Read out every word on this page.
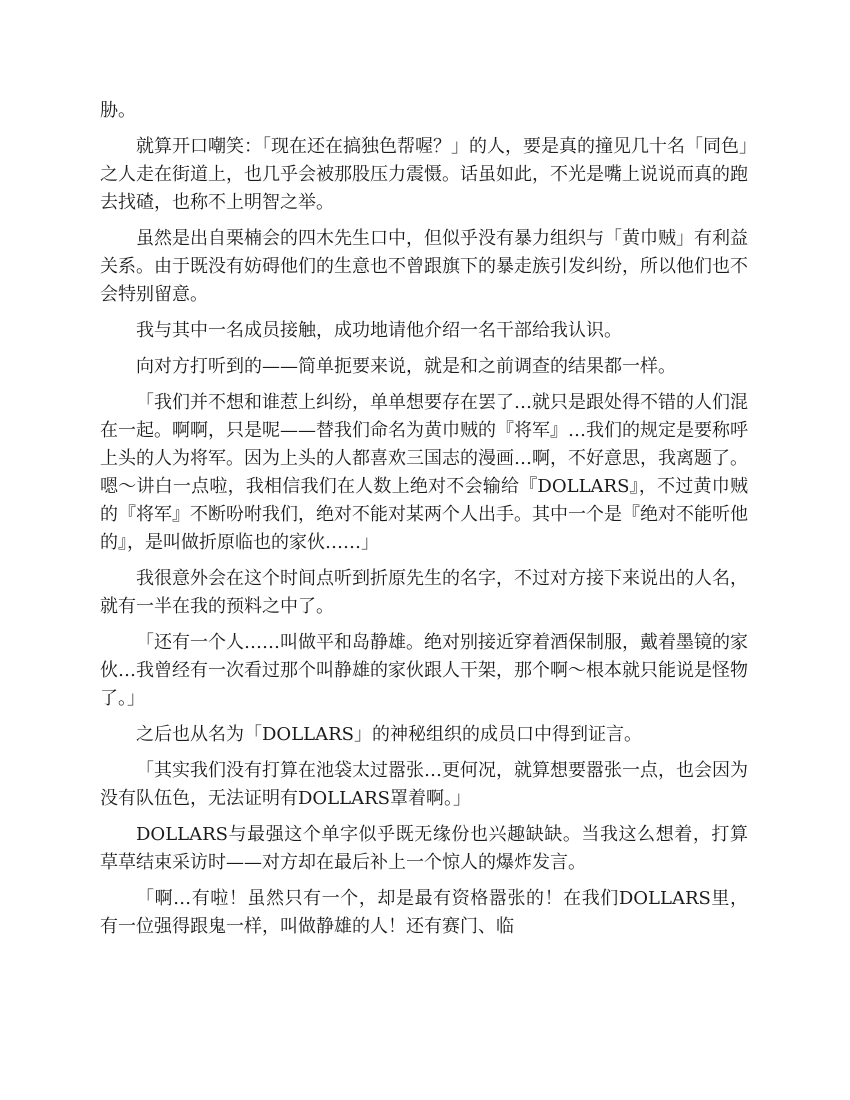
胁。

就算开口嘲笑：「现在还在搞独色帮喔？」的人，要是真的撞见几十名「同色」之人走在街道上，也几乎会被那股压力震慑。话虽如此，不光是嘴上说说而真的跑去找碴，也称不上明智之举。

虽然是出自栗楠会的四木先生口中，但似乎没有暴力组织与「黄巾贼」有利益关系。由于既没有妨碍他们的生意也不曾跟旗下的暴走族引发纠纷，所以他们也不会特别留意。

我与其中一名成员接触，成功地请他介绍一名干部给我认识。

向对方打听到的——简单扼要来说，就是和之前调查的结果都一样。

「我们并不想和谁惹上纠纷，单单想要存在罢了…就只是跟处得不错的人们混在一起。啊啊，只是呢——替我们命名为黄巾贼的『将军』…我们的规定是要称呼上头的人为将军。因为上头的人都喜欢三国志的漫画…啊，不好意思，我离题了。嗯～讲白一点啦，我相信我们在人数上绝对不会输给『DOLLARS』，不过黄巾贼的『将军』不断吩咐我们，绝对不能对某两个人出手。其中一个是『绝对不能听他的』，是叫做折原临也的家伙……」

我很意外会在这个时间点听到折原先生的名字，不过对方接下来说出的人名，就有一半在我的预料之中了。

「还有一个人……叫做平和岛静雄。绝对别接近穿着酒保制服，戴着墨镜的家伙…我曾经有一次看过那个叫静雄的家伙跟人干架，那个啊～根本就只能说是怪物了。」

之后也从名为「DOLLARS」的神秘组织的成员口中得到证言。

「其实我们没有打算在池袋太过嚣张…更何况，就算想要嚣张一点，也会因为没有队伍色，无法证明有DOLLARS罩着啊。」

DOLLARS与最强这个单字似乎既无缘份也兴趣缺缺。当我这么想着，打算草草结束采访时——对方却在最后补上一个惊人的爆炸发言。

「啊…有啦！虽然只有一个，却是最有资格嚣张的！在我们DOLLARS里，有一位强得跟鬼一样，叫做静雄的人！还有赛门、临
